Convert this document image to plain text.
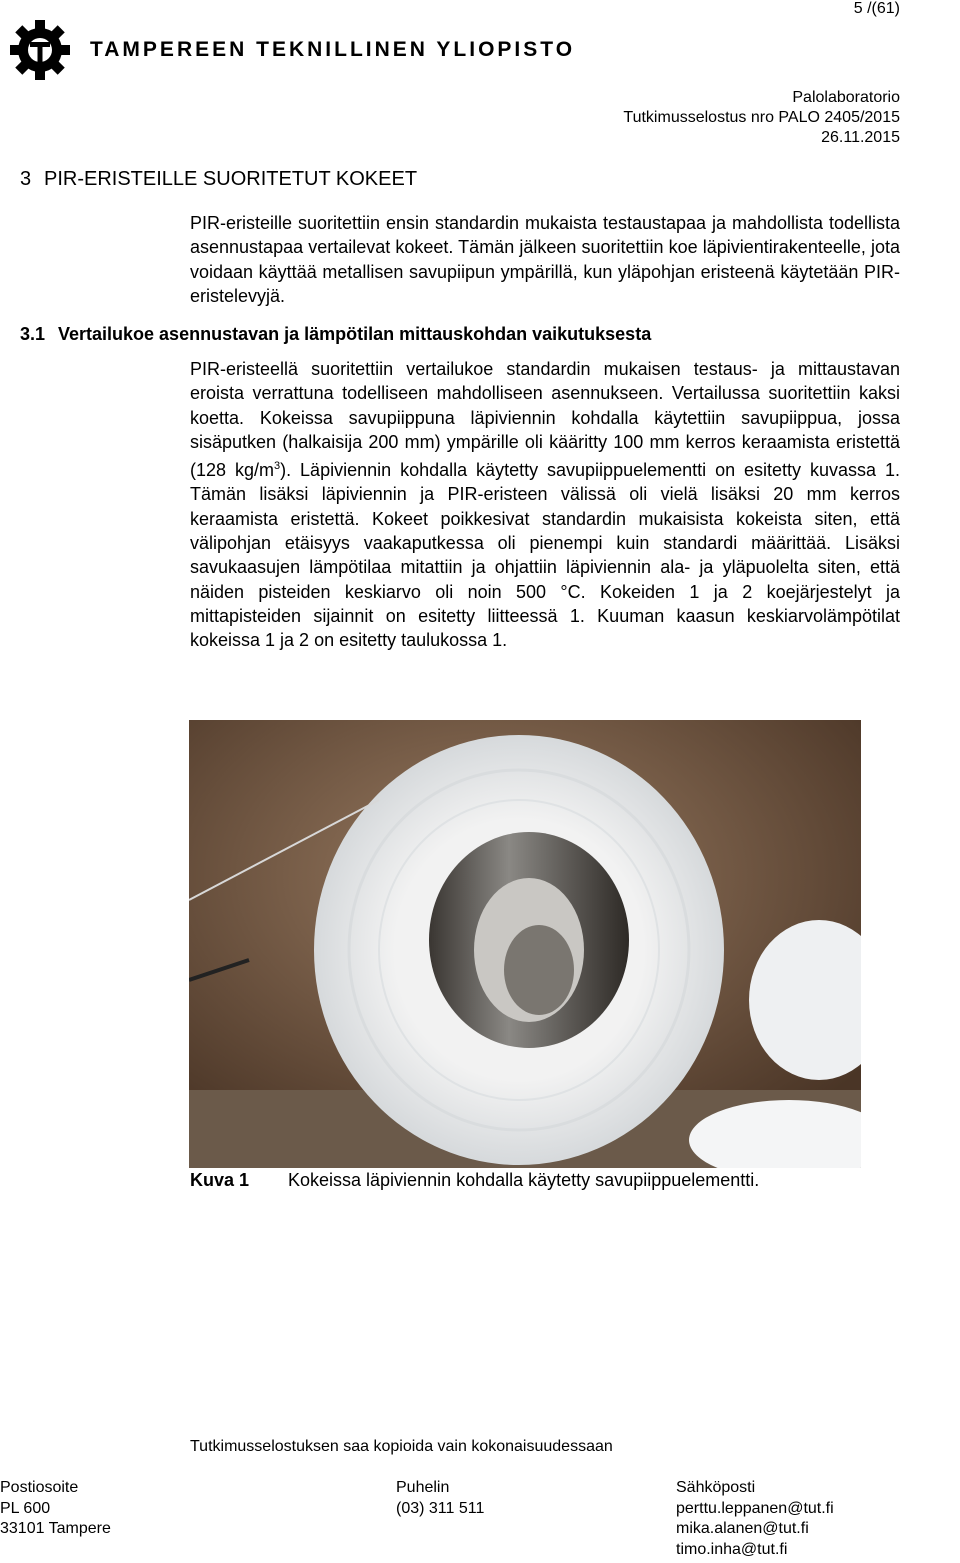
5 /(61)
TAMPEREEN TEKNILLINEN YLIOPISTO
Palolaboratorio
Tutkimusselostus nro PALO 2405/2015
26.11.2015
3 PIR-ERISTEILLE SUORITETUT KOKEET
PIR-eristeille suoritettiin ensin standardin mukaista testaustapaa ja mahdollista todellista asennustapaa vertailevat kokeet. Tämän jälkeen suoritettiin koe läpivientirakenteelle, jota voidaan käyttää metallisen savupiipun ympärillä, kun yläpohjan eristeenä käytetään PIR-eristelevyjä.
3.1 Vertailukoe asennustavan ja lämpötilan mittauskohdan vaikutuksesta
PIR-eristeellä suoritettiin vertailukoe standardin mukaisen testaus- ja mittaustavan eroista verrattuna todelliseen mahdolliseen asennukseen. Vertailussa suoritettiin kaksi koetta. Kokeissa savupiippuna läpiviennin kohdalla käytettiin savupiippua, jossa sisäputken (halkaisija 200 mm) ympärille oli kääritty 100 mm kerros keraamista eristettä (128 $kg/m^3$). Läpiviennin kohdalla käytetty savupiippuelementti on esitetty kuvassa 1. Tämän lisäksi läpiviennin ja PIR-eristeen välissä oli vielä lisäksi 20 mm kerros keraamista eristettä. Kokeet poikkesivat standardin mukaisista kokeista siten, että välipohjan etäisyys vaakaputkessa oli pienempi kuin standardi määrittää. Lisäksi savukaasujen lämpötilaa mitattiin ja ohjattiin läpiviennin ala- ja yläpuolelta siten, että näiden pisteiden keskiarvo oli noin 500 °C. Kokeiden 1 ja 2 koejärjestelyt ja mittapisteiden sijainnit on esitetty liitteessä 1. Kuuman kaasun keskiarvolämpötilat kokeissa 1 ja 2 on esitetty taulukossa 1.
Kuva 1 Kokeissa läpiviennin kohdalla käytetty savupiippuelementti.
Tutkimusselostuksen saa kopioida vain kokonaisuudessaan
Postiosoite
PL 600
33101 Tampere
Puhelin
(03) 311 511
Sähköposti
perttu.leppanen@tut.fi
mika.alanen@tut.fi
timo.inha@tut.fi
